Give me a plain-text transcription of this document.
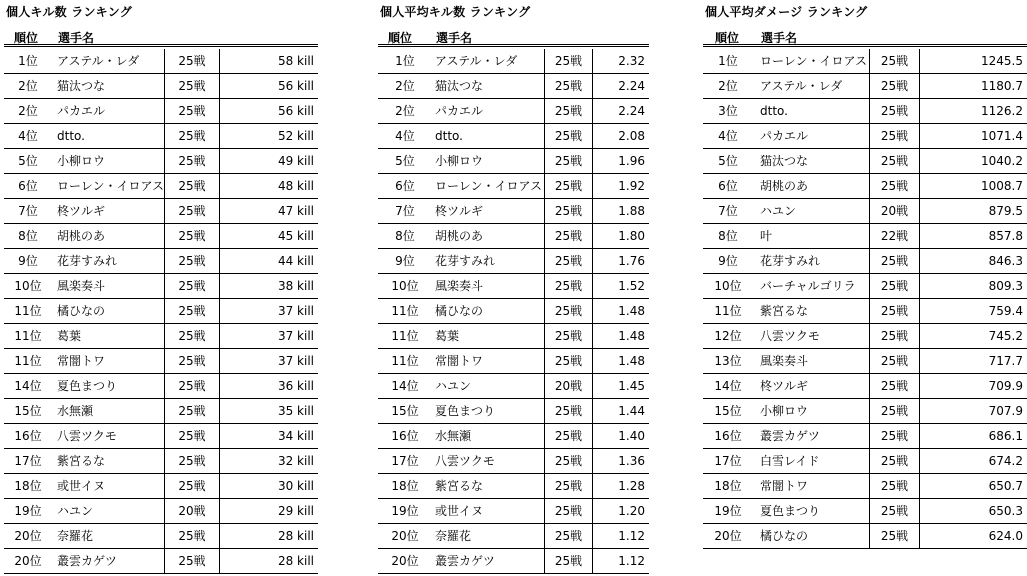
個人キル数 ランキング
順位 選手名
1位	アステル・レダ	25戦	58 kill
2位	猫汰つな	25戦	56 kill
2位	パカエル	25戦	56 kill
4位	dtto.	25戦	52 kill
5位	小柳ロウ	25戦	49 kill
6位	ローレン・イロアス	25戦	48 kill
7位	柊ツルギ	25戦	47 kill
8位	胡桃のあ	25戦	45 kill
9位	花芽すみれ	25戦	44 kill
10位	風楽奏斗	25戦	38 kill
11位	橘ひなの	25戦	37 kill
11位	葛葉	25戦	37 kill
11位	常闇トワ	25戦	37 kill
14位	夏色まつり	25戦	36 kill
15位	水無瀬	25戦	35 kill
16位	八雲ツクモ	25戦	34 kill
17位	紫宮るな	25戦	32 kill
18位	或世イヌ	25戦	30 kill
19位	ハユン	20戦	29 kill
20位	奈羅花	25戦	28 kill
20位	叢雲カゲツ	25戦	28 kill
個人平均キル数 ランキング
順位 選手名
1位	アステル・レダ	25戦	2.32
2位	猫汰つな	25戦	2.24
2位	パカエル	25戦	2.24
4位	dtto.	25戦	2.08
5位	小柳ロウ	25戦	1.96
6位	ローレン・イロアス	25戦	1.92
7位	柊ツルギ	25戦	1.88
8位	胡桃のあ	25戦	1.80
9位	花芽すみれ	25戦	1.76
10位	風楽奏斗	25戦	1.52
11位	橘ひなの	25戦	1.48
11位	葛葉	25戦	1.48
11位	常闇トワ	25戦	1.48
14位	ハユン	20戦	1.45
15位	夏色まつり	25戦	1.44
16位	水無瀬	25戦	1.40
17位	八雲ツクモ	25戦	1.36
18位	紫宮るな	25戦	1.28
19位	或世イヌ	25戦	1.20
20位	奈羅花	25戦	1.12
20位	叢雲カゲツ	25戦	1.12
個人平均ダメージ ランキング
順位 選手名
1位	ローレン・イロアス	25戦	1245.5
2位	アステル・レダ	25戦	1180.7
3位	dtto.	25戦	1126.2
4位	パカエル	25戦	1071.4
5位	猫汰つな	25戦	1040.2
6位	胡桃のあ	25戦	1008.7
7位	ハユン	20戦	879.5
8位	叶	22戦	857.8
9位	花芽すみれ	25戦	846.3
10位	バーチャルゴリラ	25戦	809.3
11位	紫宮るな	25戦	759.4
12位	八雲ツクモ	25戦	745.2
13位	風楽奏斗	25戦	717.7
14位	柊ツルギ	25戦	709.9
15位	小柳ロウ	25戦	707.9
16位	叢雲カゲツ	25戦	686.1
17位	白雪レイド	25戦	674.2
18位	常闇トワ	25戦	650.7
19位	夏色まつり	25戦	650.3
20位	橘ひなの	25戦	624.0
